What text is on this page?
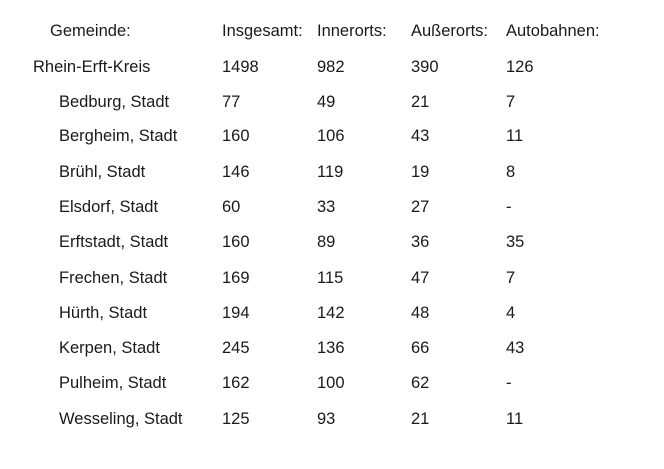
Gemeinde:	Insgesamt: Innerorts: Außerorts: Autobahnen:
Rhein-Erft-Kreis	1498	982	390	126
Bedburg, Stadt	77	49	21	7
Bergheim, Stadt	160	106	43	11
Brühl, Stadt	146	119	19	8
Elsdorf, Stadt	60	33	27	-
Erftstadt, Stadt	160	89	36	35
Frechen, Stadt	169	115	47	7
Hürth, Stadt	194	142	48	4
Kerpen, Stadt	245	136	66	43
Pulheim, Stadt	162	100	62	-
Wesseling, Stadt 125	93	21	11
